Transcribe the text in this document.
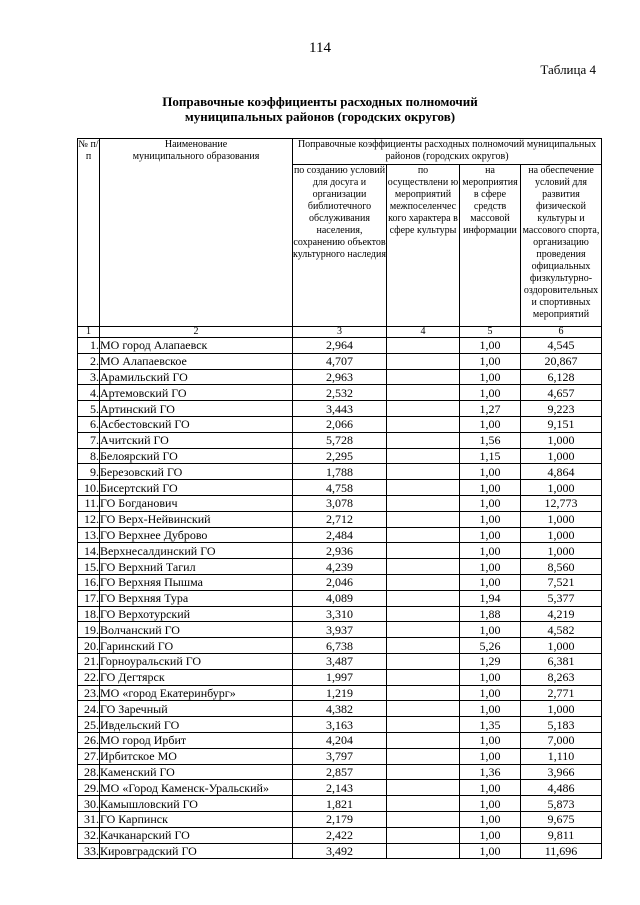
114
Таблица 4
Поправочные коэффициенты расходных полномочий
муниципальных районов (городских округов)
№ п/п	Наименование муниципального образования	Поправочные коэффициенты расходных полномочий муниципальных районов (городских округов)			
		по созданию условий для досуга и организации библиотечного обслуживания населения, сохранению объектов культурного наследия	по осуществлени ю мероприятий межпоселенчес кого характера в сфере культуры	на мероприятия в сфере средств массовой информации	на обеспечение условий для развития физической культуры и массового спорта, организацию проведения официальных физкультурно-оздоровительных и спортивных мероприятий
1	2	3	4	5	6
1.	МО город Алапаевск	2,964		1,00	4,545
2.	МО Алапаевское	4,707		1,00	20,867
3.	Арамильский ГО	2,963		1,00	6,128
4.	Артемовский ГО	2,532		1,00	4,657
5.	Артинский ГО	3,443		1,27	9,223
6.	Асбестовский ГО	2,066		1,00	9,151
7.	Ачитский ГО	5,728		1,56	1,000
8.	Белоярский ГО	2,295		1,15	1,000
9.	Березовский ГО	1,788		1,00	4,864
10.	Бисертский ГО	4,758		1,00	1,000
11.	ГО Богданович	3,078		1,00	12,773
12.	ГО Верх-Нейвинский	2,712		1,00	1,000
13.	ГО Верхнее Дуброво	2,484		1,00	1,000
14.	Верхнесалдинский ГО	2,936		1,00	1,000
15.	ГО Верхний Тагил	4,239		1,00	8,560
16.	ГО Верхняя Пышма	2,046		1,00	7,521
17.	ГО Верхняя Тура	4,089		1,94	5,377
18.	ГО Верхотурский	3,310		1,88	4,219
19.	Волчанский ГО	3,937		1,00	4,582
20.	Гаринский ГО	6,738		5,26	1,000
21.	Горноуральский ГО	3,487		1,29	6,381
22.	ГО Дегтярск	1,997		1,00	8,263
23.	МО «город Екатеринбург»	1,219		1,00	2,771
24.	ГО Заречный	4,382		1,00	1,000
25.	Ивдельский ГО	3,163		1,35	5,183
26.	МО город Ирбит	4,204		1,00	7,000
27.	Ирбитское МО	3,797		1,00	1,110
28.	Каменский ГО	2,857		1,36	3,966
29.	МО «Город Каменск-Уральский»	2,143		1,00	4,486
30.	Камышловский ГО	1,821		1,00	5,873
31.	ГО Карпинск	2,179		1,00	9,675
32.	Качканарский ГО	2,422		1,00	9,811
33.	Кировградский ГО	3,492		1,00	11,696
